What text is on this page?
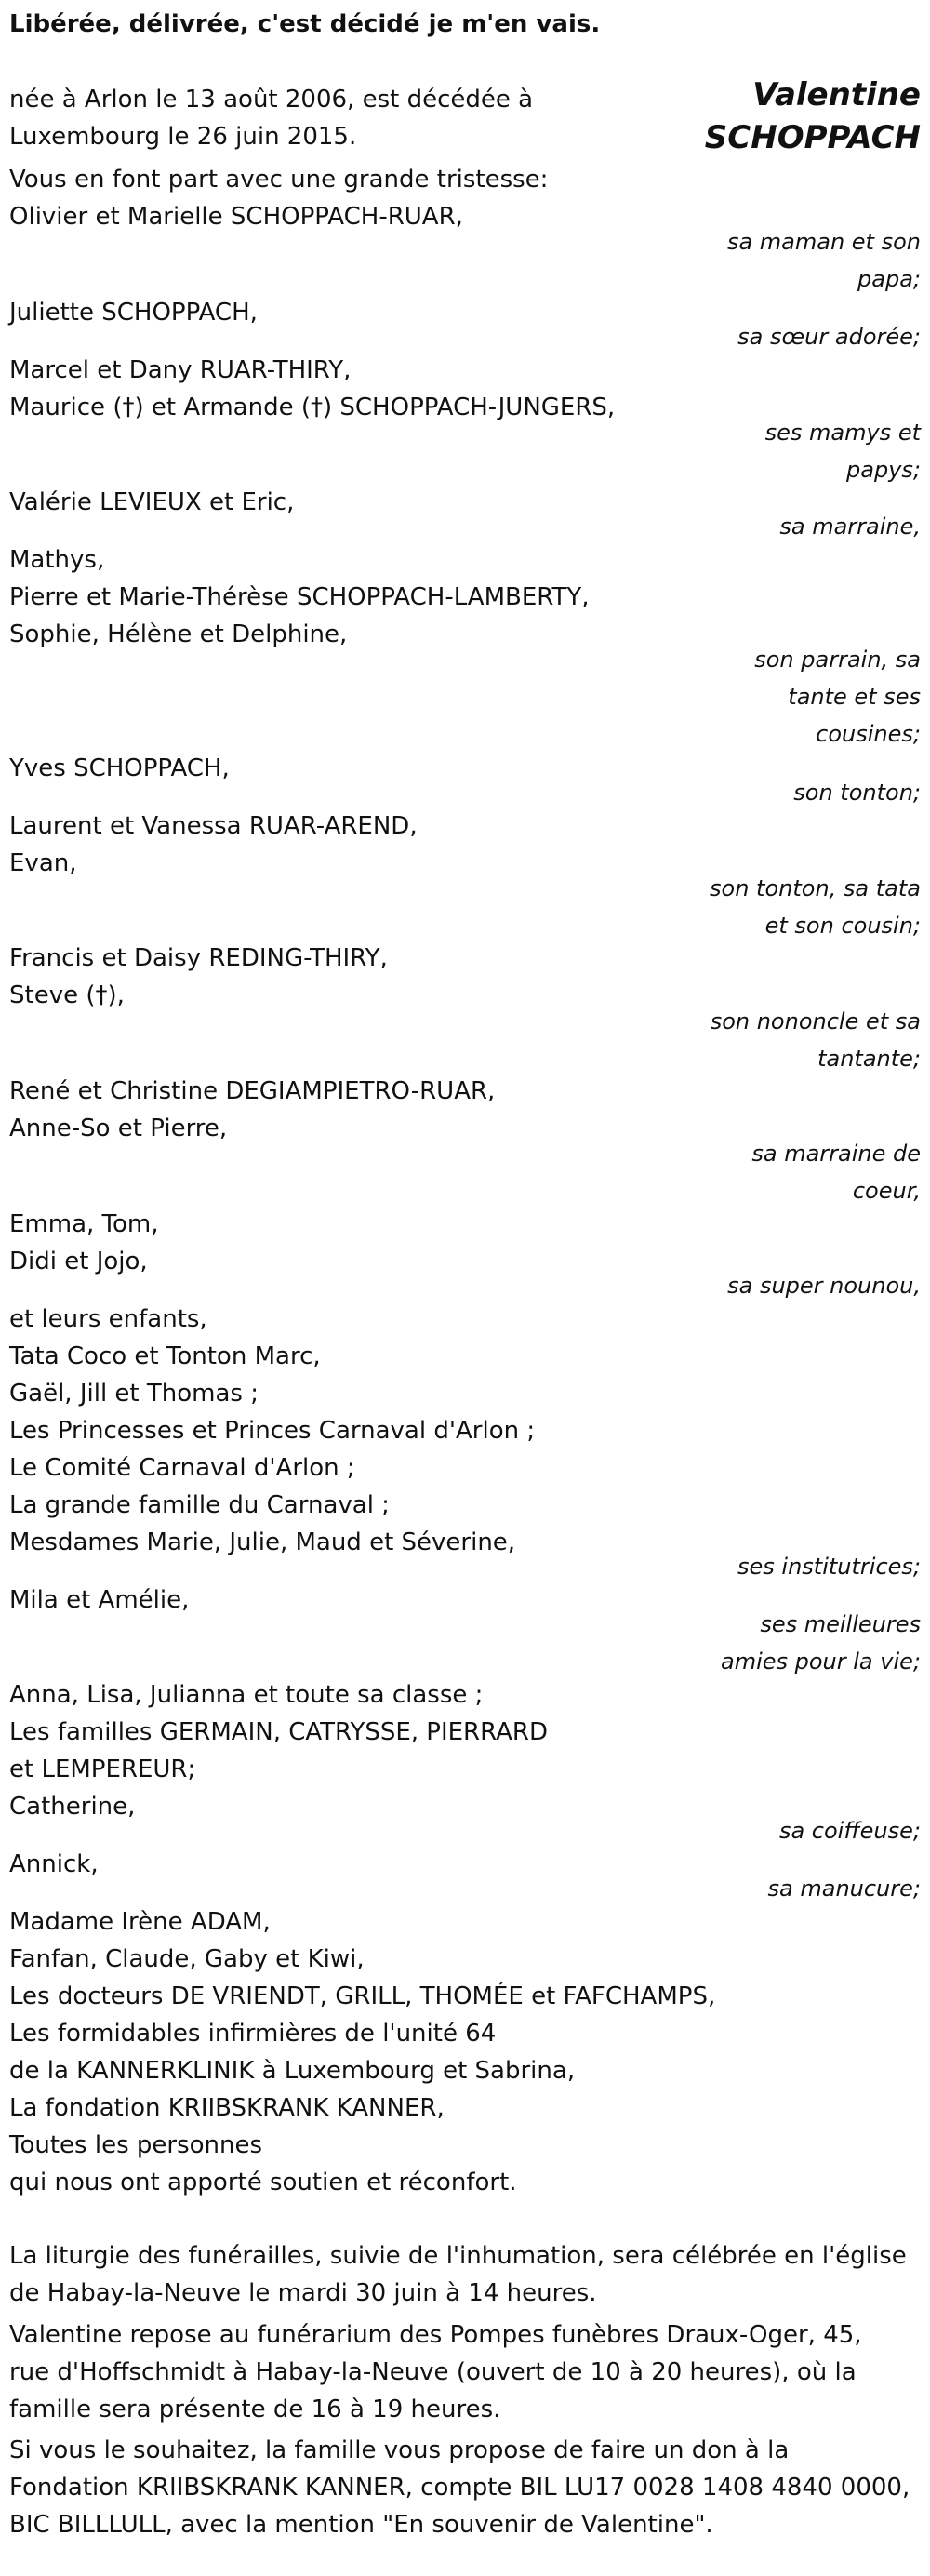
Libérée, délivrée, c'est décidé je m'en vais.
Valentine
SCHOPPACH
née à Arlon le 13 août 2006, est décédée à
Luxembourg le 26 juin 2015.
Vous en font part avec une grande tristesse:
Olivier et Marielle SCHOPPACH-RUAR,
sa maman et son
papa;
Juliette SCHOPPACH,
sa sœur adorée;
Marcel et Dany RUAR-THIRY,
Maurice (†) et Armande (†) SCHOPPACH-JUNGERS,
ses mamys et
papys;
Valérie LEVIEUX et Eric,
sa marraine,
Mathys,
Pierre et Marie-Thérèse SCHOPPACH-LAMBERTY,
Sophie, Hélène et Delphine,
son parrain, sa
tante et ses
cousines;
Yves SCHOPPACH,
son tonton;
Laurent et Vanessa RUAR-AREND,
Evan,
son tonton, sa tata
et son cousin;
Francis et Daisy REDING-THIRY,
Steve (†),
son nononcle et sa
tantante;
René et Christine DEGIAMPIETRO-RUAR,
Anne-So et Pierre,
sa marraine de
coeur,
Emma, Tom,
Didi et Jojo,
sa super nounou,
et leurs enfants,
Tata Coco et Tonton Marc,
Gaël, Jill et Thomas ;
Les Princesses et Princes Carnaval d'Arlon ;
Le Comité Carnaval d'Arlon ;
La grande famille du Carnaval ;
Mesdames Marie, Julie, Maud et Séverine,
ses institutrices;
Mila et Amélie,
ses meilleures
amies pour la vie;
Anna, Lisa, Julianna et toute sa classe ;
Les familles GERMAIN, CATRYSSE, PIERRARD
et LEMPEREUR;
Catherine,
sa coiffeuse;
Annick,
sa manucure;
Madame Irène ADAM,
Fanfan, Claude, Gaby et Kiwi,
Les docteurs DE VRIENDT, GRILL, THOMÉE et FAFCHAMPS,
Les formidables infirmières de l'unité 64
de la KANNERKLINIK à Luxembourg et Sabrina,
La fondation KRIIBSKRANK KANNER,
Toutes les personnes
qui nous ont apporté soutien et réconfort.
La liturgie des funérailles, suivie de l'inhumation, sera célébrée en l'église
de Habay-la-Neuve le mardi 30 juin à 14 heures.
Valentine repose au funérarium des Pompes funèbres Draux-Oger, 45,
rue d'Hoffschmidt à Habay-la-Neuve (ouvert de 10 à 20 heures), où la
famille sera présente de 16 à 19 heures.
Si vous le souhaitez, la famille vous propose de faire un don à la
Fondation KRIIBSKRANK KANNER, compte BIL LU17 0028 1408 4840 0000,
BIC BILLLULL, avec la mention "En souvenir de Valentine".
